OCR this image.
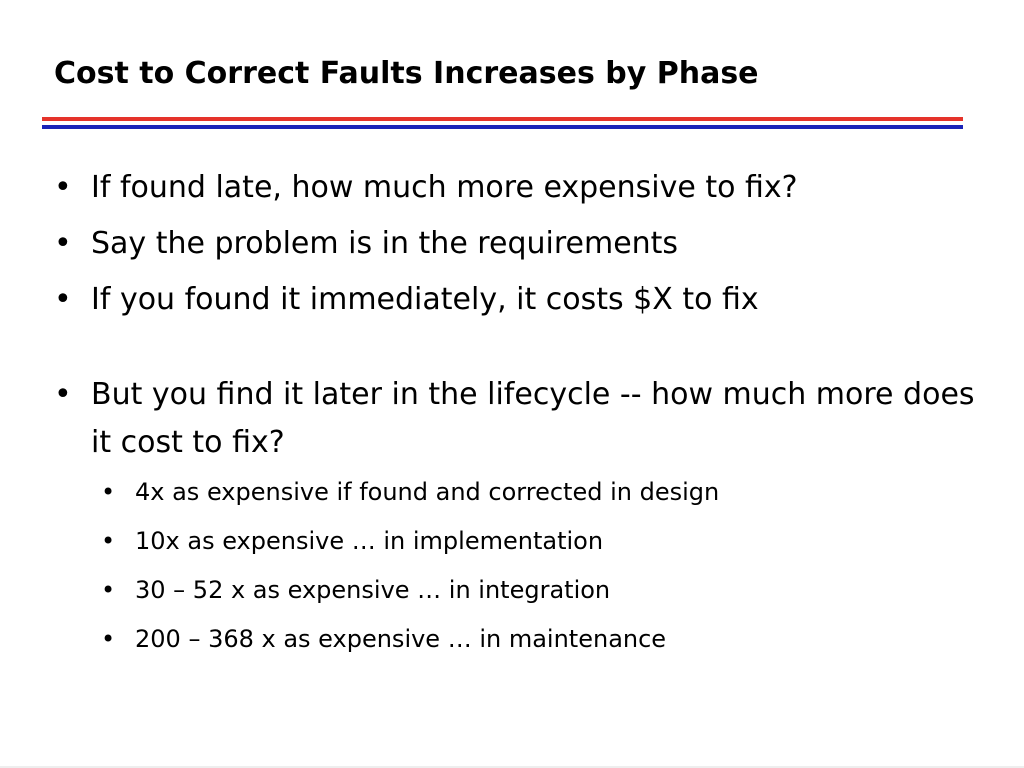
Cost to Correct Faults Increases by Phase
• If found late, how much more expensive to fix?
• Say the problem is in the requirements
• If you found it immediately, it costs $X to fix
• But you find it later in the lifecycle -- how much more does it cost to fix?
• 4x as expensive if found and corrected in design
• 10x as expensive … in implementation
• 30 – 52 x as expensive … in integration
• 200 – 368 x as expensive … in maintenance
